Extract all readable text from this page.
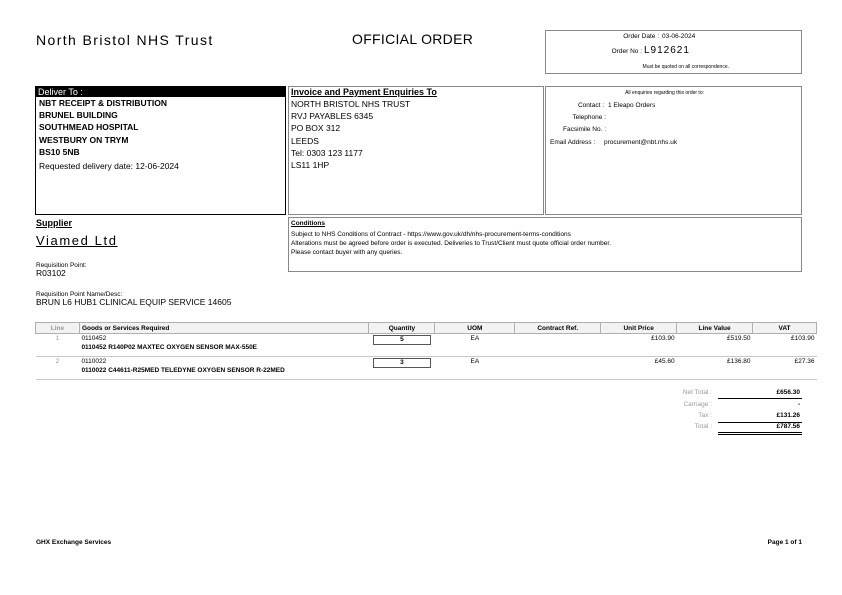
North Bristol NHS Trust	OFFICIAL ORDER	Order Date : 03-06-2024
Order No : L912621
Must be quoted on all correspondence.
Deliver To :
NBT RECEIPT & DISTRIBUTION
BRUNEL BUILDING
SOUTHMEAD HOSPITAL
WESTBURY ON TRYM
BS10 5NB
Requested delivery date: 12-06-2024
Invoice and Payment Enquiries To
NORTH BRISTOL NHS TRUST
RVJ PAYABLES 6345
PO BOX 312
LEEDS
Tel: 0303 123 1177
LS11 1HP
All enquiries regarding this order to:
Contact : 1 Eleapo Orders
Telephone :
Facsimile No. :
Email Address : procurement@nbt.nhs.uk
Supplier
Viamed Ltd
Requisition Point:
R03102
Requisition Point Name/Desc:
BRUN L6 HUB1 CLINICAL EQUIP SERVICE 14605
Conditions
Subject to NHS Conditions of Contract - https://www.gov.uk/dh/nhs-procurement-terms-conditions
Alterations must be agreed before order is executed. Deliveries to Trust/Client must quote official order number.
Please contact buyer with any queries.
Line	Goods or Services Required	Quantity	UOM	Contract Ref.	Unit Price	Line Value	VAT
1	0110452
0110452 R140P02 MAXTEC OXYGEN SENSOR MAX-550E	5	EA		£103.90	£519.50	£103.90
2	0110022
0110022 C44611-R25MED TELEDYNE OXYGEN SENSOR R-22MED	3	EA		£45.60	£136.80	£27.36
Net Total :	£656.30
Carriage :	-
Tax :	£131.26
Total :	£787.56
GHX Exchange Services	Page 1 of 1
